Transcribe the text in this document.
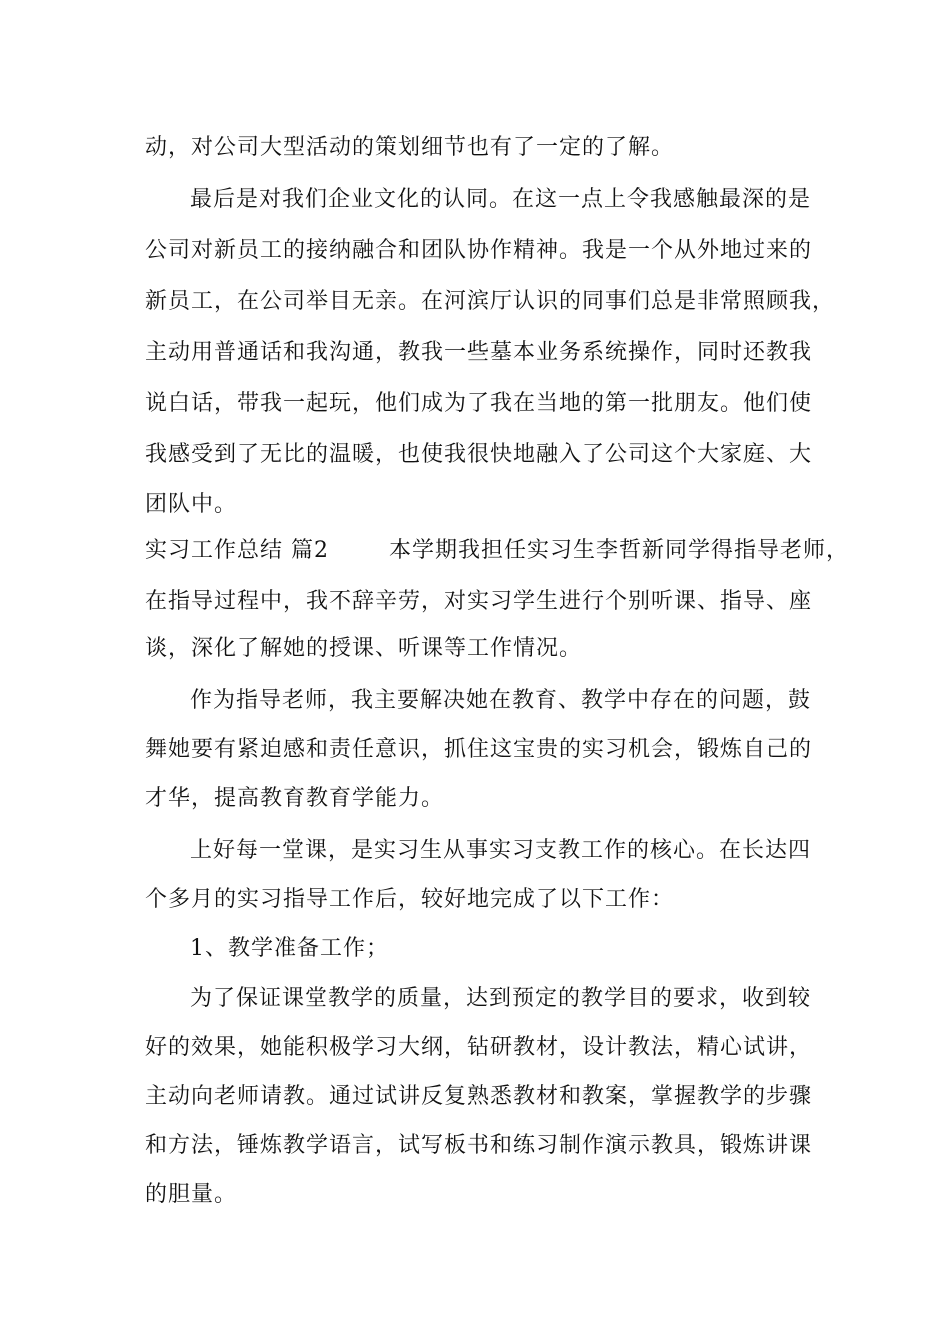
动，对公司大型活动的策划细节也有了一定的了解。
最后是对我们企业文化的认同。在这一点上令我感触最深的是
公司对新员工的接纳融合和团队协作精神。我是一个从外地过来的
新员工，在公司举目无亲。在河滨厅认识的同事们总是非常照顾我，
主动用普通话和我沟通，教我一些墓本业务系统操作，同时还教我
说白话，带我一起玩，他们成为了我在当地的第一批朋友。他们使
我感受到了无比的温暖，也使我很快地融入了公司这个大家庭、大
团队中。
实习工作总结 篇2	本学期我担任实习生李哲新同学得指导老师，
在指导过程中，我不辞辛劳，对实习学生进行个别听课、指导、座
谈，深化了解她的授课、听课等工作情况。
作为指导老师，我主要解决她在教育、教学中存在的问题，鼓
舞她要有紧迫感和责任意识，抓住这宝贵的实习机会，锻炼自己的
才华，提高教育教育学能力。
上好每一堂课，是实习生从事实习支教工作的核心。在长达四
个多月的实习指导工作后，较好地完成了以下工作：
1、教学准备工作；
为了保证课堂教学的质量，达到预定的教学目的要求，收到较
好的效果，她能积极学习大纲，钻研教材，设计教法，精心试讲，
主动向老师请教。通过试讲反复熟悉教材和教案，掌握教学的步骤
和方法，锤炼教学语言，试写板书和练习制作演示教具，锻炼讲课
的胆量。
